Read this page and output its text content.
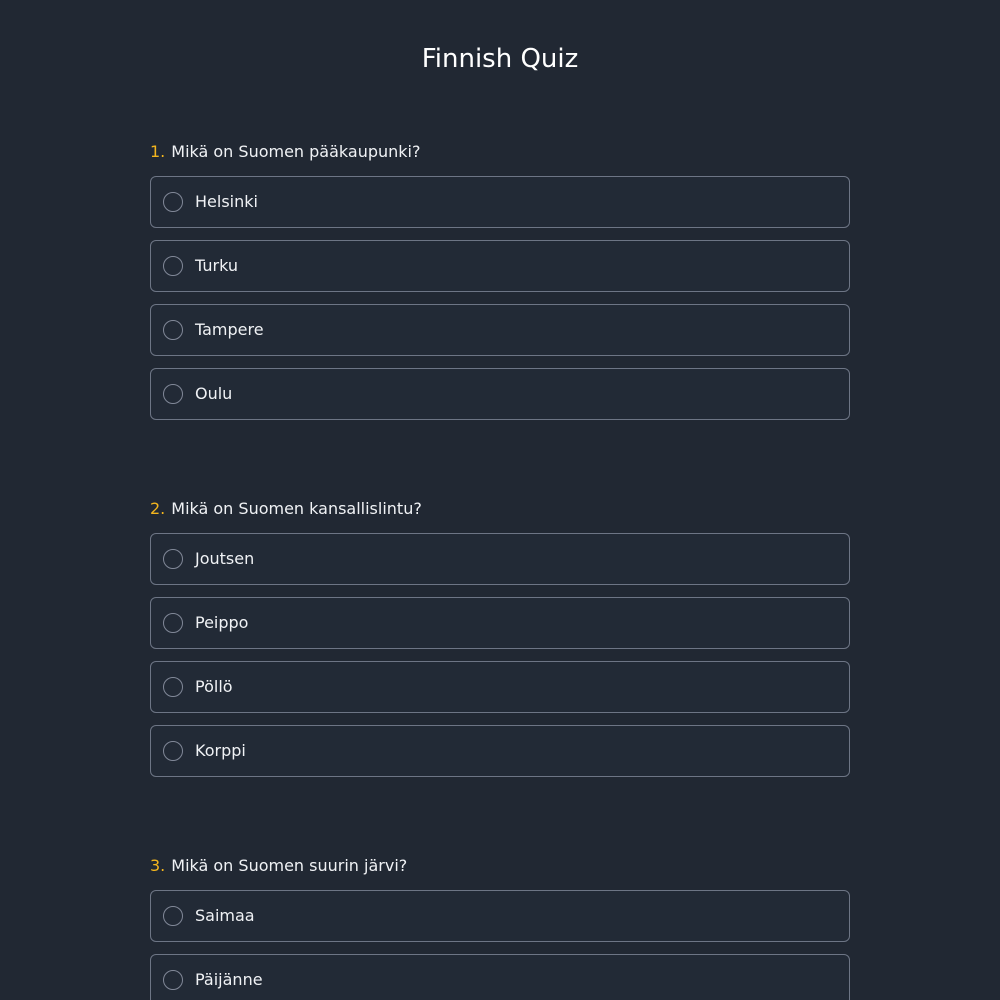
Finnish Quiz
1. Mikä on Suomen pääkaupunki?
Helsinki
Turku
Tampere
Oulu
2. Mikä on Suomen kansallislintu?
Joutsen
Peippo
Pöllö
Korppi
3. Mikä on Suomen suurin järvi?
Saimaa
Päijänne
